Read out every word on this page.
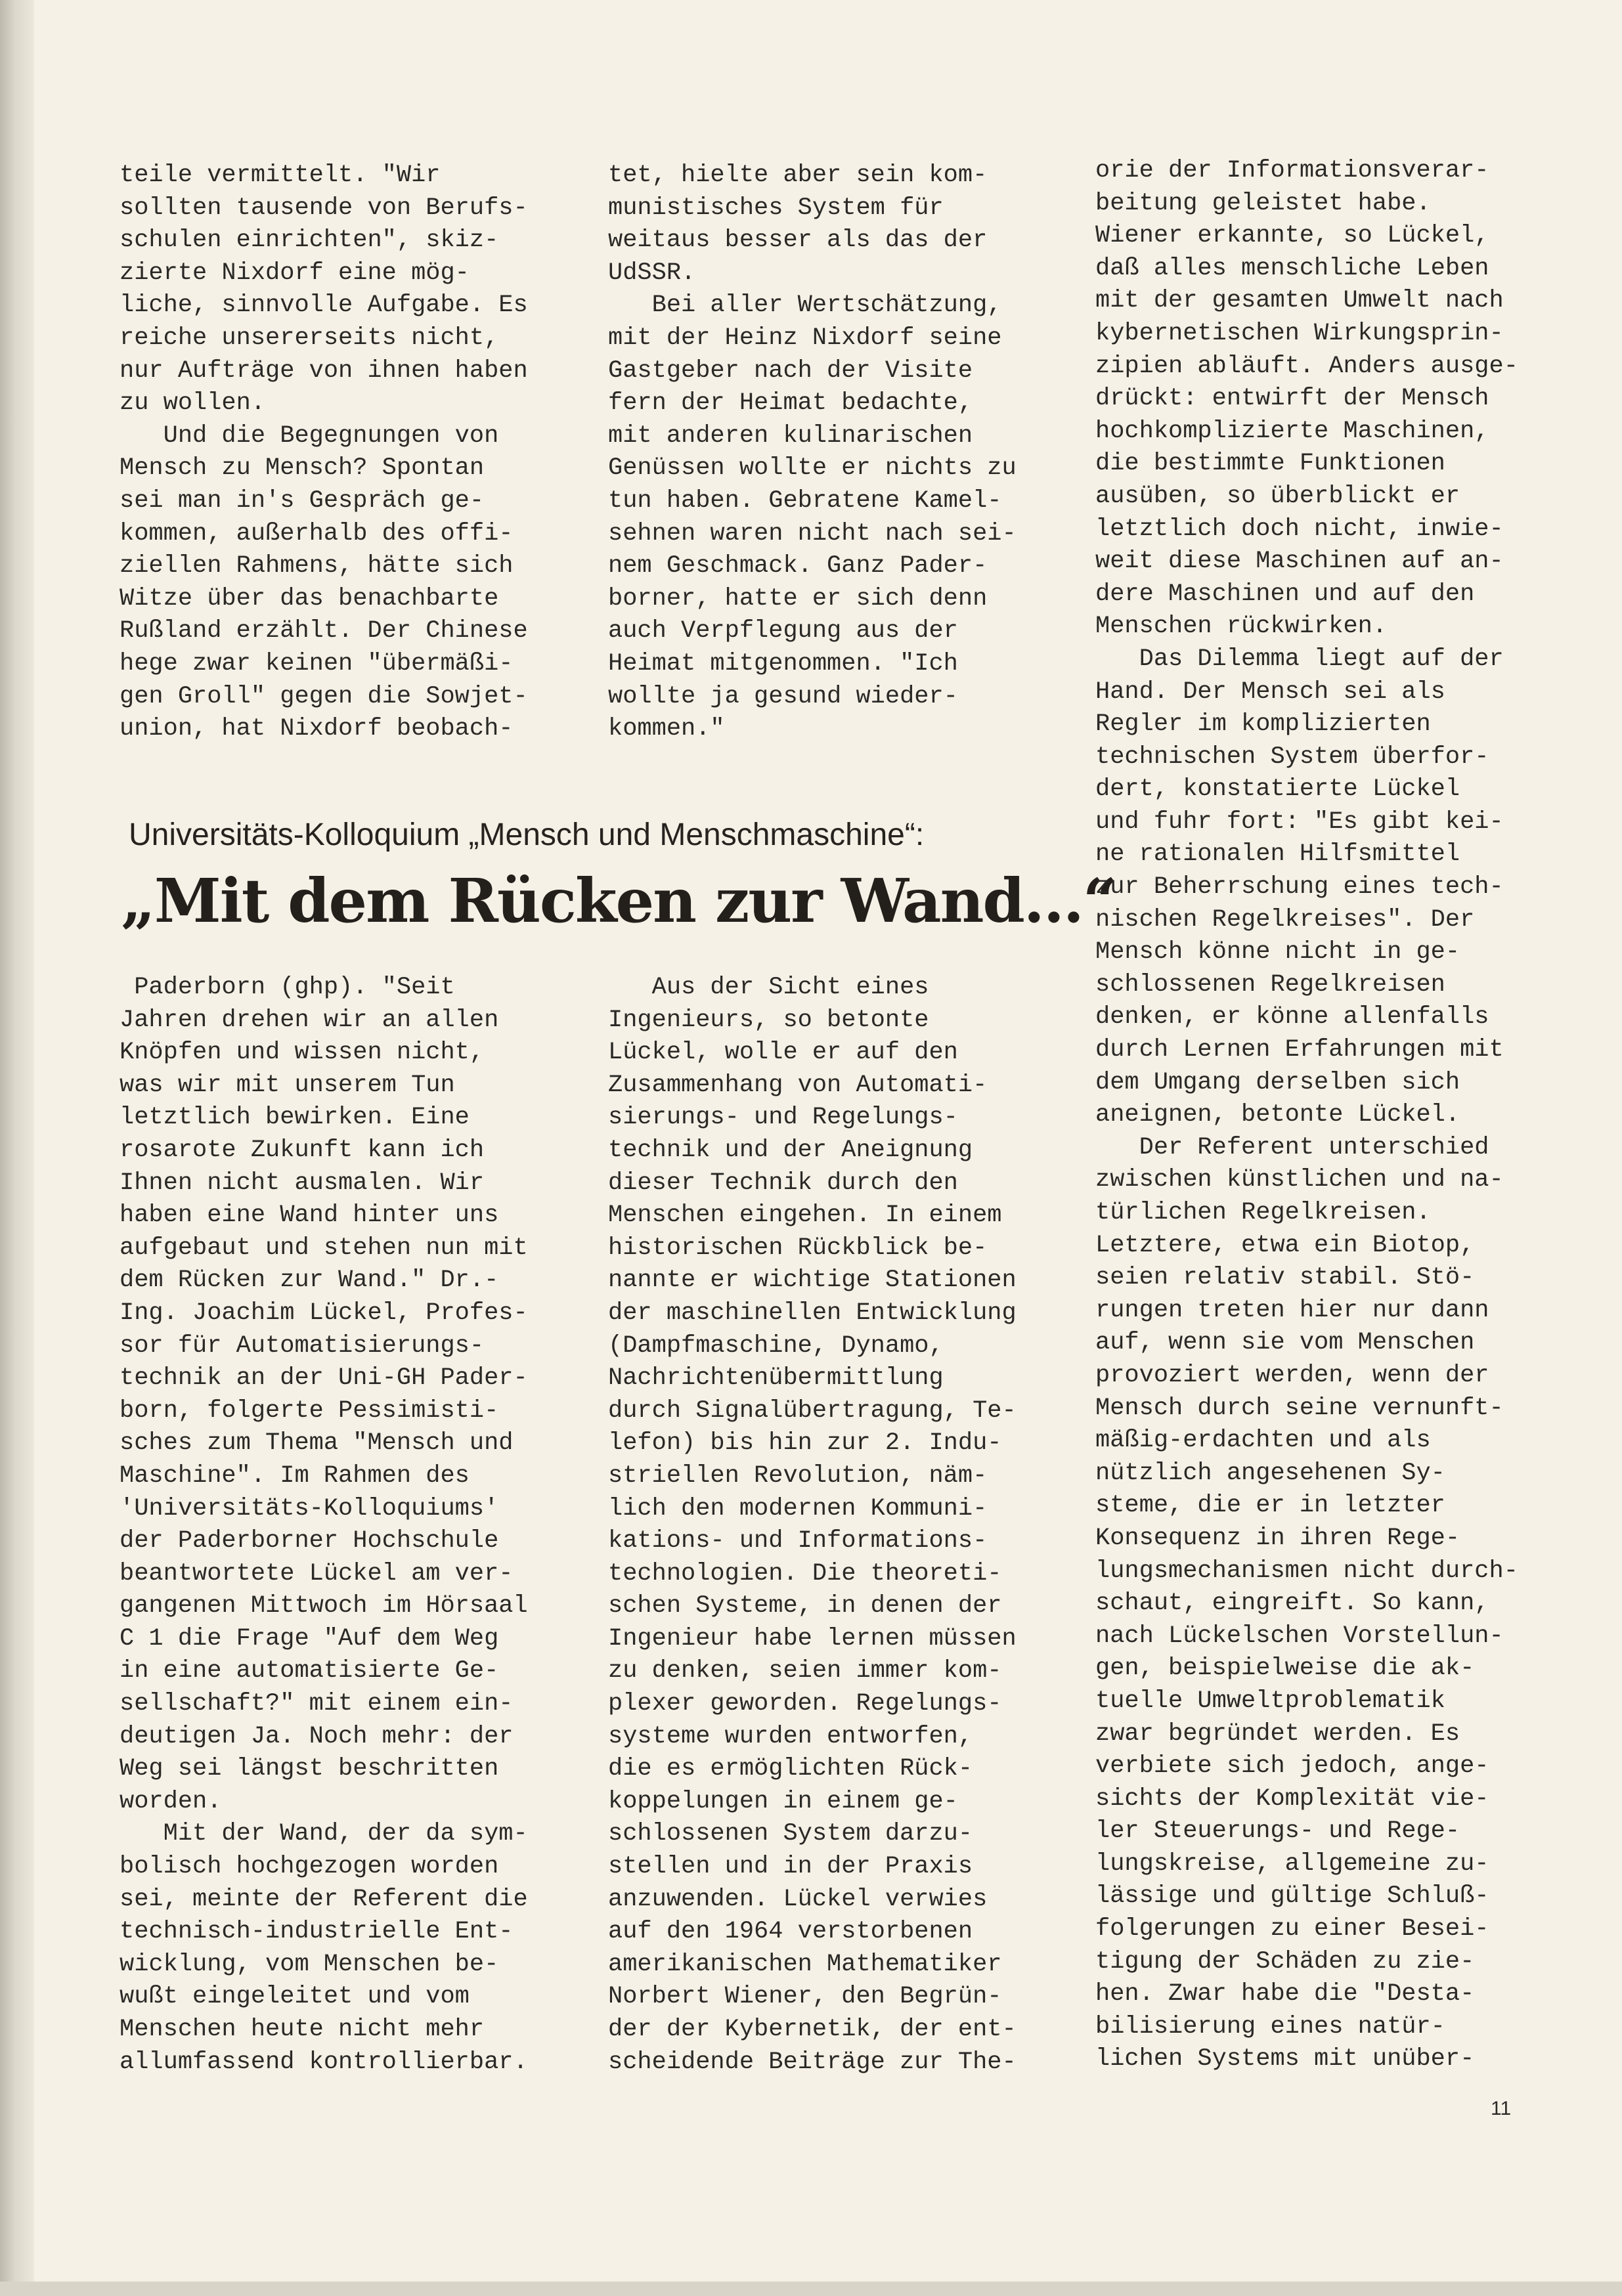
teile vermittelt. "Wir

sollten tausende von Berufs-

schulen einrichten", skiz-

zierte Nixdorf eine mög-

liche, sinnvolle Aufgabe. Es

reiche unsererseits nicht,

nur Aufträge von ihnen haben

zu wollen.

Und die Begegnungen von

Mensch zu Mensch? Spontan

sei man in's Gespräch ge-

kommen, außerhalb des offi-

ziellen Rahmens, hätte sich

Witze über das benachbarte

Rußland erzählt. Der Chinese

hege zwar keinen "übermäßi-

gen Groll" gegen die Sowjet-

union, hat Nixdorf beobach-

tet, hielte aber sein kom-

munistisches System für

weitaus besser als das der

UdSSR.

Bei aller Wertschätzung,

mit der Heinz Nixdorf seine

Gastgeber nach der Visite

fern der Heimat bedachte,

mit anderen kulinarischen

Genüssen wollte er nichts zu

tun haben. Gebratene Kamel-

sehnen waren nicht nach sei-

nem Geschmack. Ganz Pader-

borner, hatte er sich denn

auch Verpflegung aus der

Heimat mitgenommen. "Ich

wollte ja gesund wieder-

kommen."

Universitäts-Kolloquium „Mensch und Menschmaschine“:
„Mit dem Rücken zur Wand...“

Paderborn (ghp). "Seit

Jahren drehen wir an allen

Knöpfen und wissen nicht,

was wir mit unserem Tun

letztlich bewirken. Eine

rosarote Zukunft kann ich

Ihnen nicht ausmalen. Wir

haben eine Wand hinter uns

aufgebaut und stehen nun mit

dem Rücken zur Wand." Dr.-

Ing. Joachim Lückel, Profes-

sor für Automatisierungs-

technik an der Uni-GH Pader-

born, folgerte Pessimisti-

sches zum Thema "Mensch und

Maschine". Im Rahmen des

'Universitäts-Kolloquiums'

der Paderborner Hochschule

beantwortete Lückel am ver-

gangenen Mittwoch im Hörsaal

C 1 die Frage "Auf dem Weg

in eine automatisierte Ge-

sellschaft?" mit einem ein-

deutigen Ja. Noch mehr: der

Weg sei längst beschritten

worden.

Mit der Wand, der da sym-

bolisch hochgezogen worden

sei, meinte der Referent die

technisch-industrielle Ent-

wicklung, vom Menschen be-

wußt eingeleitet und vom

Menschen heute nicht mehr

allumfassend kontrollierbar.

Aus der Sicht eines

Ingenieurs, so betonte

Lückel, wolle er auf den

Zusammenhang von Automati-

sierungs- und Regelungs-

technik und der Aneignung

dieser Technik durch den

Menschen eingehen. In einem

historischen Rückblick be-

nannte er wichtige Stationen

der maschinellen Entwicklung

(Dampfmaschine, Dynamo,

Nachrichtenübermittlung

durch Signalübertragung, Te-

lefon) bis hin zur 2. Indu-

striellen Revolution, näm-

lich den modernen Kommuni-

kations- und Informations-

technologien. Die theoreti-

schen Systeme, in denen der

Ingenieur habe lernen müssen

zu denken, seien immer kom-

plexer geworden. Regelungs-

systeme wurden entworfen,

die es ermöglichten Rück-

koppelungen in einem ge-

schlossenen System darzu-

stellen und in der Praxis

anzuwenden. Lückel verwies

auf den 1964 verstorbenen

amerikanischen Mathematiker

Norbert Wiener, den Begrün-

der der Kybernetik, der ent-

scheidende Beiträge zur The-

orie der Informationsverar-

beitung geleistet habe.

Wiener erkannte, so Lückel,

daß alles menschliche Leben

mit der gesamten Umwelt nach

kybernetischen Wirkungsprin-

zipien abläuft. Anders ausge-

drückt: entwirft der Mensch

hochkomplizierte Maschinen,

die bestimmte Funktionen

ausüben, so überblickt er

letztlich doch nicht, inwie-

weit diese Maschinen auf an-

dere Maschinen und auf den

Menschen rückwirken.

Das Dilemma liegt auf der

Hand. Der Mensch sei als

Regler im komplizierten

technischen System überfor-

dert, konstatierte Lückel

und fuhr fort: "Es gibt kei-

ne rationalen Hilfsmittel

zur Beherrschung eines tech-

nischen Regelkreises". Der

Mensch könne nicht in ge-

schlossenen Regelkreisen

denken, er könne allenfalls

durch Lernen Erfahrungen mit

dem Umgang derselben sich

aneignen, betonte Lückel.

Der Referent unterschied

zwischen künstlichen und na-

türlichen Regelkreisen.

Letztere, etwa ein Biotop,

seien relativ stabil. Stö-

rungen treten hier nur dann

auf, wenn sie vom Menschen

provoziert werden, wenn der

Mensch durch seine vernunft-

mäßig-erdachten und als

nützlich angesehenen Sy-

steme, die er in letzter

Konsequenz in ihren Rege-

lungsmechanismen nicht durch-

schaut, eingreift. So kann,

nach Lückelschen Vorstellun-

gen, beispielweise die ak-

tuelle Umweltproblematik

zwar begründet werden. Es

verbiete sich jedoch, ange-

sichts der Komplexität vie-

ler Steuerungs- und Rege-

lungskreise, allgemeine zu-

lässige und gültige Schluß-

folgerungen zu einer Besei-

tigung der Schäden zu zie-

hen. Zwar habe die "Desta-

bilisierung eines natür-

lichen Systems mit unüber-

11
